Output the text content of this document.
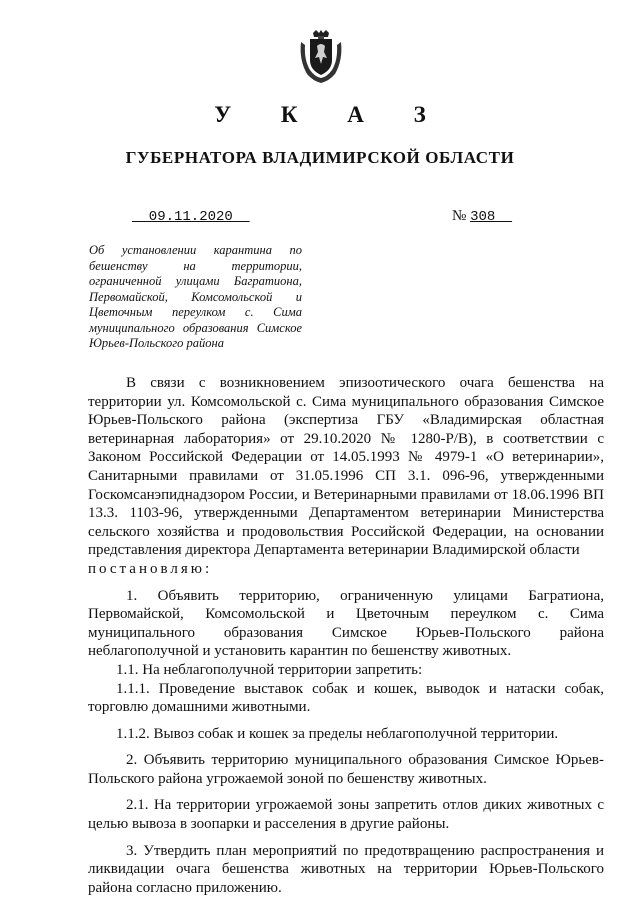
У К А З
ГУБЕРНАТОРА ВЛАДИМИРСКОЙ ОБЛАСТИ
09.11.2020	№ 308
Об установлении карантина по бешенству на территории, ограниченной улицами Багратиона, Первомайской, Комсомольской и Цветочным переулком с. Сима муниципального образования Симское Юрьев-Польского района

В связи с возникновением эпизоотического очага бешенства на территории ул. Комсомольской с. Сима муниципального образования Симское Юрьев-Польского района (экспертиза ГБУ «Владимирская областная ветеринарная лаборатория» от 29.10.2020 № 1280-Р/В), в соответствии с Законом Российской Федерации от 14.05.1993 № 4979-1 «О ветеринарии», Санитарными правилами от 31.05.1996 СП 3.1. 096-96, утвержденными Госкомсанэпиднадзором России, и Ветеринарными правилами от 18.06.1996 ВП 13.3. 1103-96, утвержденными Департаментом ветеринарии Министерства сельского хозяйства и продовольствия Российской Федерации, на основании представления директора Департамента ветеринарии Владимирской области

постановляю:

1. Объявить территорию, ограниченную улицами Багратиона, Первомайской, Комсомольской и Цветочным переулком с. Сима муниципального образования Симское Юрьев-Польского района неблагополучной и установить карантин по бешенству животных.

1.1. На неблагополучной территории запретить:

1.1.1. Проведение выставок собак и кошек, выводок и натаски собак, торговлю домашними животными.

1.1.2. Вывоз собак и кошек за пределы неблагополучной территории.

2. Объявить территорию муниципального образования Симское Юрьев-Польского района угрожаемой зоной по бешенству животных.

2.1. На территории угрожаемой зоны запретить отлов диких животных с целью вывоза в зоопарки и расселения в другие районы.

3. Утвердить план мероприятий по предотвращению распространения и ликвидации очага бешенства животных на территории Юрьев-Польского района согласно приложению.
